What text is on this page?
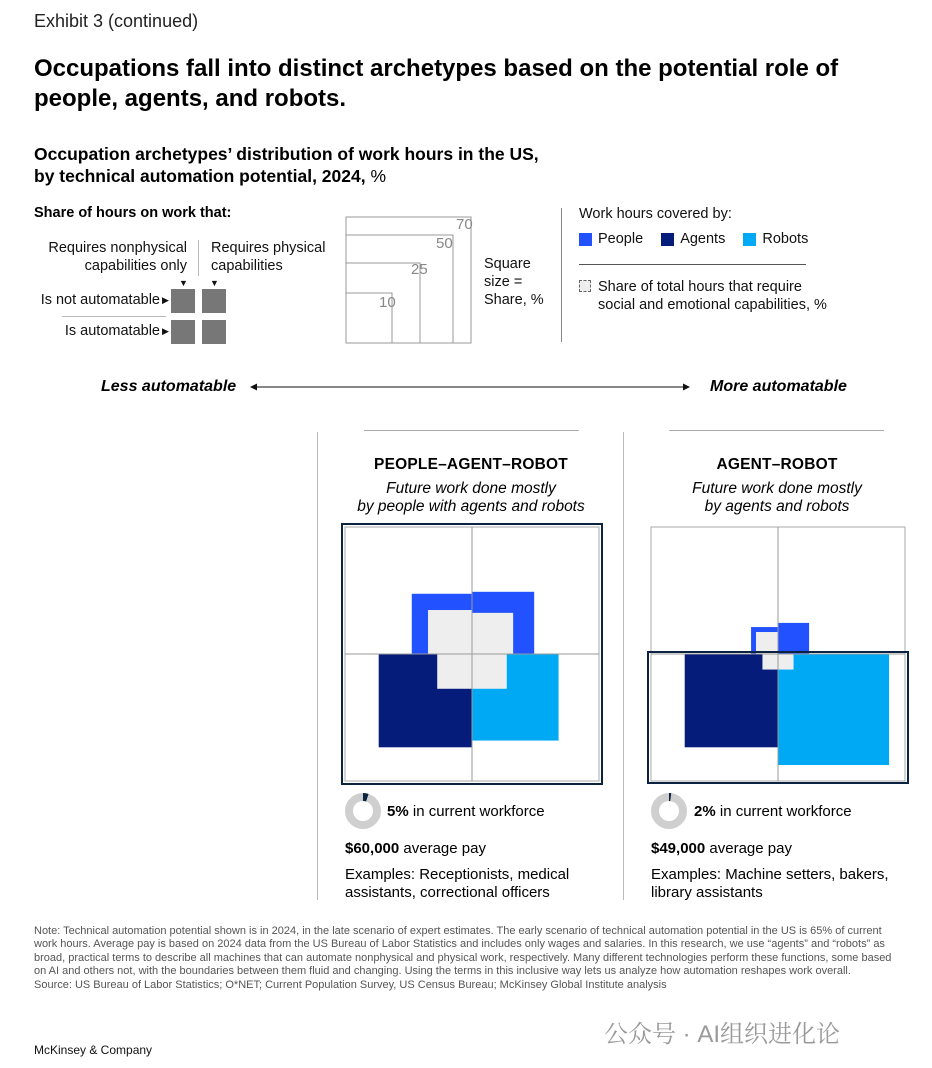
Exhibit 3 (continued)
Occupations fall into distinct archetypes based on the potential role of people, agents, and robots.
Occupation archetypes’ distribution of work hours in the US,
by technical automation potential, 2024, %
Share of hours on work that:
Requires nonphysical
capabilities only
Requires physical
capabilities
▼ ▼
Is not automatable ▶
Is automatable ▶
70
50
25
10
Square
size =
Share, %
Work hours covered by:
People
	Agents
	Robots
Share of total hours that require
social and emotional capabilities, %
Less automatable	More automatable
PEOPLE–AGENT–ROBOT
Future work done mostly
by people with agents and robots
5% in current workforce
$60,000 average pay
Examples: Receptionists, medical
assistants, correctional officers
AGENT–ROBOT
Future work done mostly
by agents and robots
2% in current workforce
$49,000 average pay
Examples: Machine setters, bakers,
library assistants
Note: Technical automation potential shown is in 2024, in the late scenario of expert estimates. The early scenario of technical automation potential in the US is 65% of current work hours. Average pay is based on 2024 data from the US Bureau of Labor Statistics and includes only wages and salaries. In this research, we use “agents” and “robots” as broad, practical terms to describe all machines that can automate nonphysical and physical work, respectively. Many different technologies perform these functions, some based on AI and others not, with the boundaries between them fluid and changing. Using the terms in this inclusive way lets us analyze how automation reshapes work overall.
Source: US Bureau of Labor Statistics; O*NET; Current Population Survey, US Census Bureau; McKinsey Global Institute analysis
公众号 · AI组织进化论
McKinsey & Company
